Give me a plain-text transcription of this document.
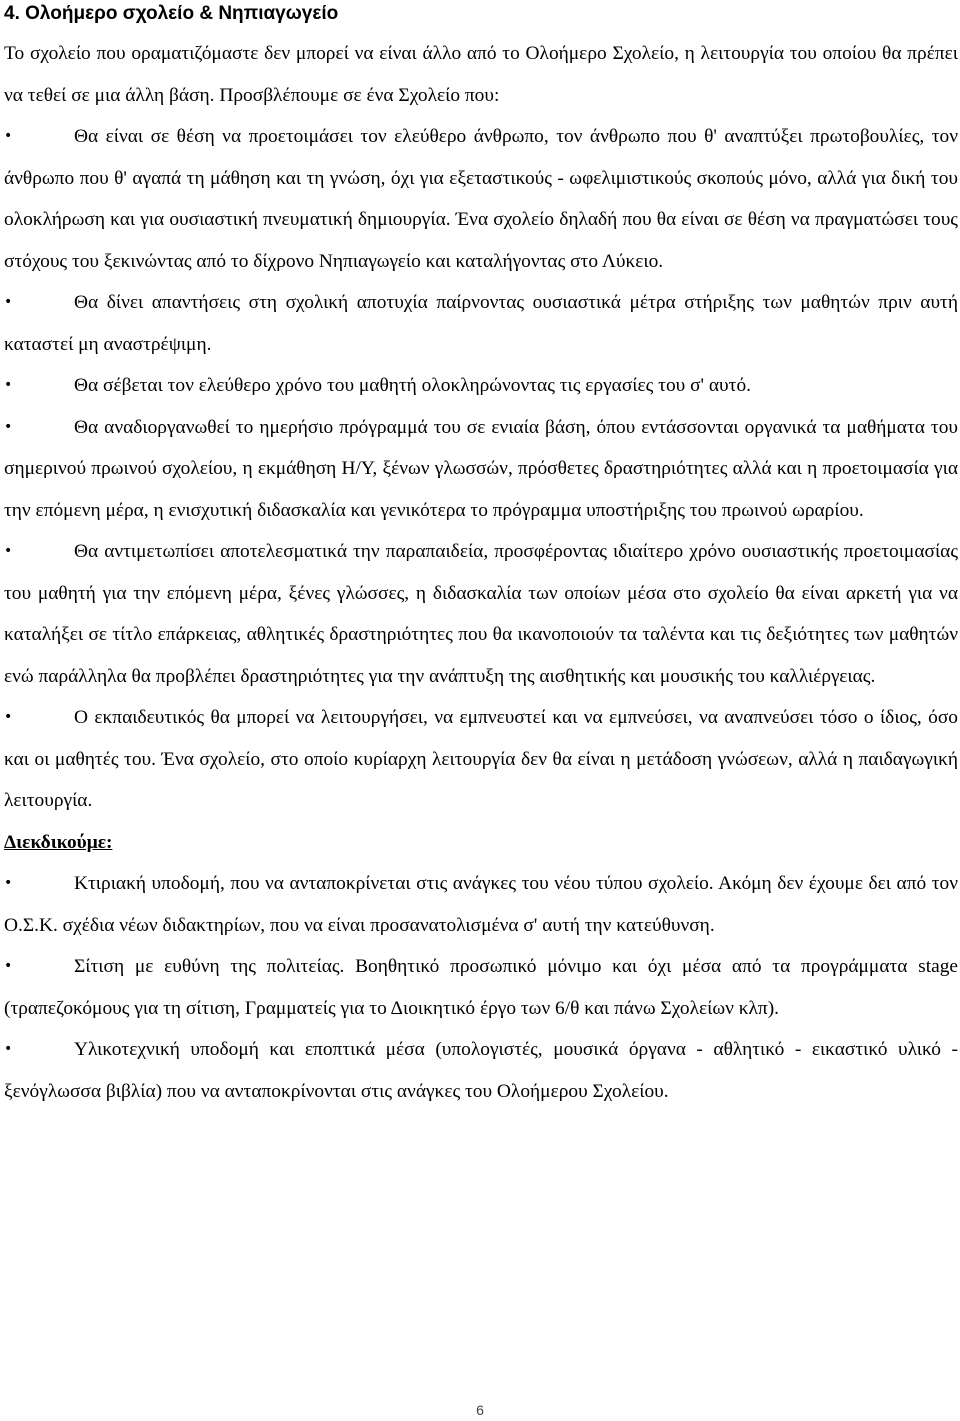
4. Ολοήμερο σχολείο & Νηπιαγωγείο

Το σχολείο που οραματιζόμαστε δεν μπορεί να είναι άλλο από το Ολοήμερο Σχολείο, η λειτουργία του οποίου θα πρέπει να τεθεί σε μια άλλη βάση. Προσβλέπουμε σε ένα Σχολείο που:

•	Θα είναι σε θέση να προετοιμάσει τον ελεύθερο άνθρωπο, τον άνθρωπο που θ' αναπτύξει πρωτοβουλίες, τον άνθρωπο που θ' αγαπά τη μάθηση και τη γνώση, όχι για εξεταστικούς - ωφελιμιστικούς σκοπούς μόνο, αλλά για δική του ολοκλήρωση και για ουσιαστική πνευματική δημιουργία. Ένα σχολείο δηλαδή που θα είναι σε θέση να πραγματώσει τους στόχους του ξεκινώντας από το δίχρονο Νηπιαγωγείο και καταλήγοντας στο Λύκειο.

•	Θα δίνει απαντήσεις στη σχολική αποτυχία παίρνοντας ουσιαστικά μέτρα στήριξης των μαθητών πριν αυτή καταστεί μη αναστρέψιμη.

•	Θα σέβεται τον ελεύθερο χρόνο του μαθητή ολοκληρώνοντας τις εργασίες του σ' αυτό.

•	Θα αναδιοργανωθεί το ημερήσιο πρόγραμμά του σε ενιαία βάση, όπου εντάσσονται οργανικά τα μαθήματα του σημερινού πρωινού σχολείου, η εκμάθηση Η/Υ, ξένων γλωσσών, πρόσθετες δραστηριότητες αλλά και η προετοιμασία για την επόμενη μέρα, η ενισχυτική διδασκαλία και γενικότερα το πρόγραμμα υποστήριξης του πρωινού ωραρίου.

•	Θα αντιμετωπίσει αποτελεσματικά την παραπαιδεία, προσφέροντας ιδιαίτερο χρόνο ουσιαστικής προετοιμασίας του μαθητή για την επόμενη μέρα, ξένες γλώσσες, η διδασκαλία των οποίων μέσα στο σχολείο θα είναι αρκετή για να καταλήξει σε τίτλο επάρκειας, αθλητικές δραστηριότητες που θα ικανοποιούν τα ταλέντα και τις δεξιότητες των μαθητών ενώ παράλληλα θα προβλέπει δραστηριότητες για την ανάπτυξη της αισθητικής και μουσικής του καλλιέργειας.

•	Ο εκπαιδευτικός θα μπορεί να λειτουργήσει, να εμπνευστεί και να εμπνεύσει, να αναπνεύσει τόσο ο ίδιος, όσο και οι μαθητές του. Ένα σχολείο, στο οποίο κυρίαρχη λειτουργία δεν θα είναι η μετάδοση γνώσεων, αλλά η παιδαγωγική λειτουργία.

Διεκδικούμε:

•	Κτιριακή υποδομή, που να ανταποκρίνεται στις ανάγκες του νέου τύπου σχολείο. Ακόμη δεν έχουμε δει από τον Ο.Σ.Κ. σχέδια νέων διδακτηρίων, που να είναι προσανατολισμένα σ' αυτή την κατεύθυνση.

•	Σίτιση με ευθύνη της πολιτείας. Βοηθητικό προσωπικό μόνιμο και όχι μέσα από τα προγράμματα stage (τραπεζοκόμους για τη σίτιση, Γραμματείς για το Διοικητικό έργο των 6/θ και πάνω Σχολείων κλπ).

•	Υλικοτεχνική υποδομή και εποπτικά μέσα (υπολογιστές, μουσικά όργανα - αθλητικό - εικαστικό υλικό - ξενόγλωσσα βιβλία) που να ανταποκρίνονται στις ανάγκες του Ολοήμερου Σχολείου.

6
